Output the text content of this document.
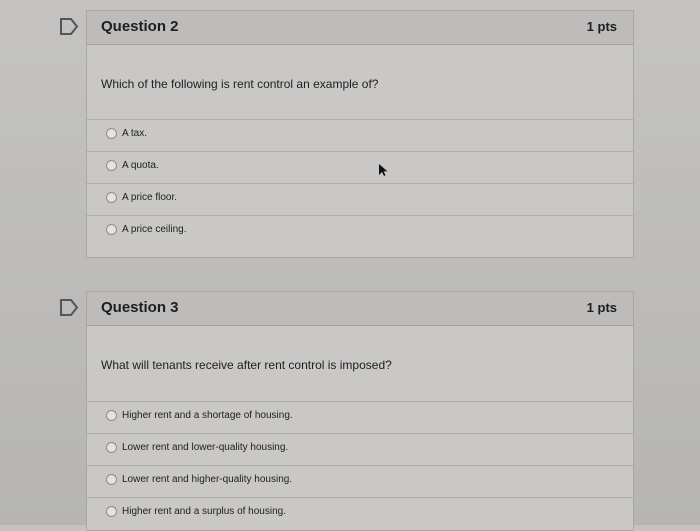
Question 2	1 pts
Which of the following is rent control an example of?
A tax.
A quota.
A price floor.
A price ceiling.
Question 3	1 pts
What will tenants receive after rent control is imposed?
Higher rent and a shortage of housing.
Lower rent and lower-quality housing.
Lower rent and higher-quality housing.
Higher rent and a surplus of housing.
